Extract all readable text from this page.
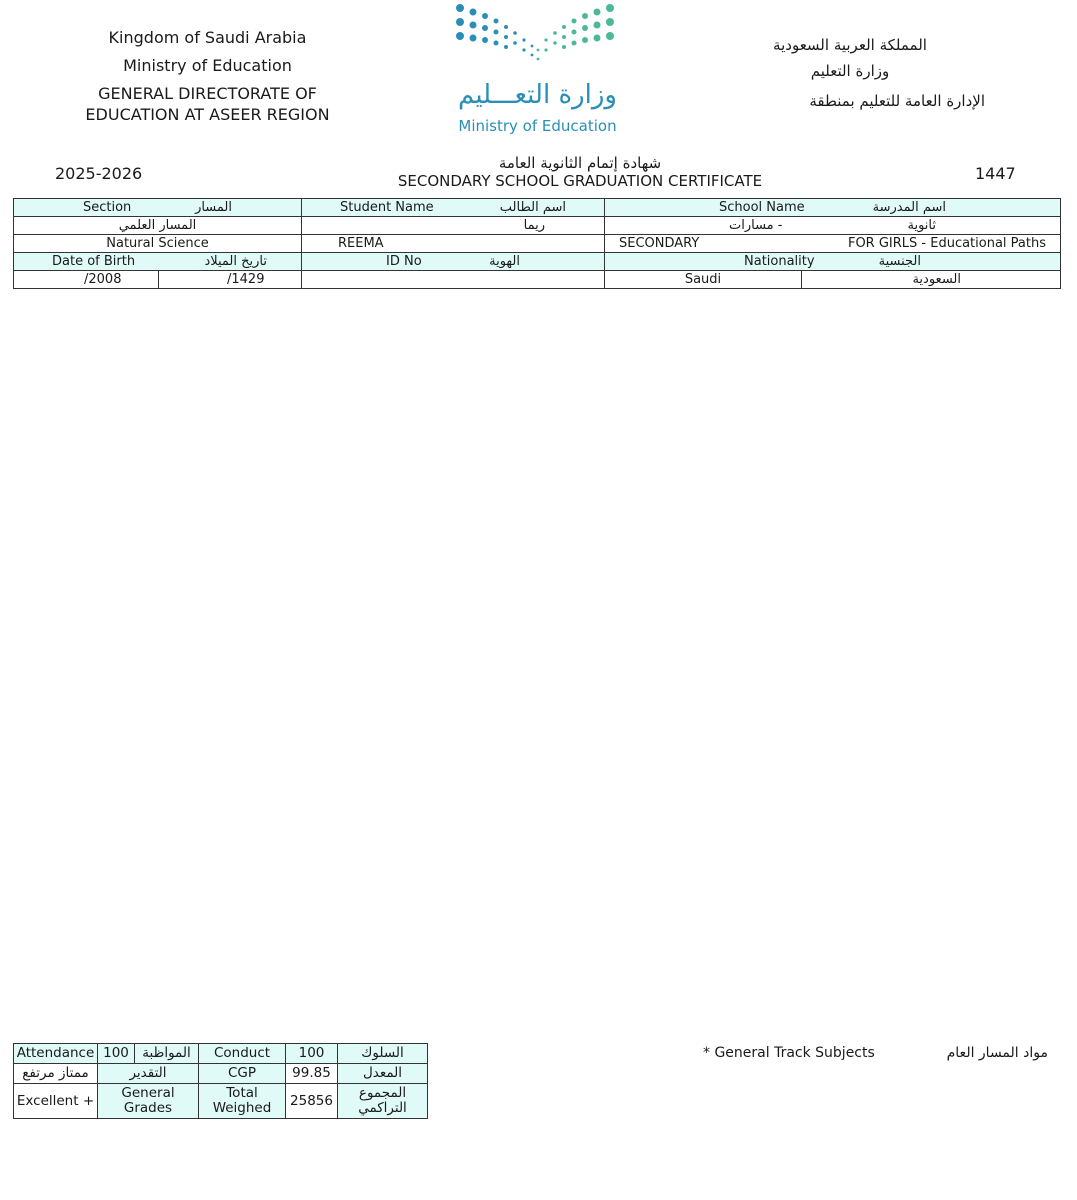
Kingdom of Saudi Arabia
Ministry of Education
GENERAL DIRECTORATE OF
EDUCATION AT ASEER REGION
المملكة العربية السعودية
وزارة التعليم
الإدارة العامة للتعليم بمنطقة
وزارة التعـــليم
Ministry of Education
شهادة إتمام الثانوية العامة
SECONDARY SCHOOL GRADUATION CERTIFICATE
2025-2026	1447
Section المسار		Student Name اسم الطالب	School Name اسم المدرسة	

المسار العلمي		ريما	ثانوية
- مسارات	

Natural Science		REEMA	SECONDARY FOR GIRLS - Educational Paths	

Date of Birth تاريخ الميلاد		ID No الهوية	Nationality الجنسية	

/2008	/1429		Saudi	السعودية
Attendance	100	المواظبة	Conduct	100	السلوك
ممتاز مرتفع	التقدير		CGP	99.85	المعدل
Excellent +	General Grades		Total Weighed	25856	المجموع التراكمي
* General Track Subjects	مواد المسار العام
